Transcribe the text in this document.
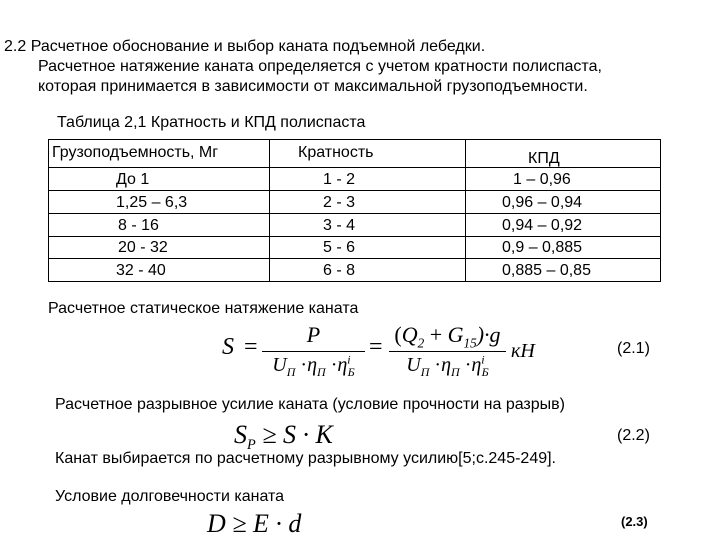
2.2 Расчетное обоснование и выбор каната подъемной лебедки.
Расчетное натяжение каната определяется с учетом кратности полиспаста,
которая принимается в зависимости от максимальной грузоподъемности.
Таблица 2,1 Кратность и КПД полиспаста
Грузоподъемность, Мг	Кратность	КПД
До 1	1 - 2	1 – 0,96
1,25 – 6,3	2 - 3	0,96 – 0,94
8 - 16	3 - 4	0,94 – 0,92
20 - 32	5 - 6	0,9 – 0,885
32 - 40	6 - 8	0,885 – 0,85
Расчетное статическое натяжение каната
S =	P
$U_П \cdot\eta_П \cdot\eta^i_Б$
= $(Q_2 + G_{15})\cdot g$
$U_П \cdot\eta_П \cdot\eta^i_Б$
кН	(2.1)
Расчетное разрывное усилие каната (условие прочности на разрыв)
$S_P \ge S \cdot K$	(2.2)
Канат выбирается по расчетному разрывному усилию[5;с.245-249].
Условие долговечности каната
D ≥ E · d	(2.3)
